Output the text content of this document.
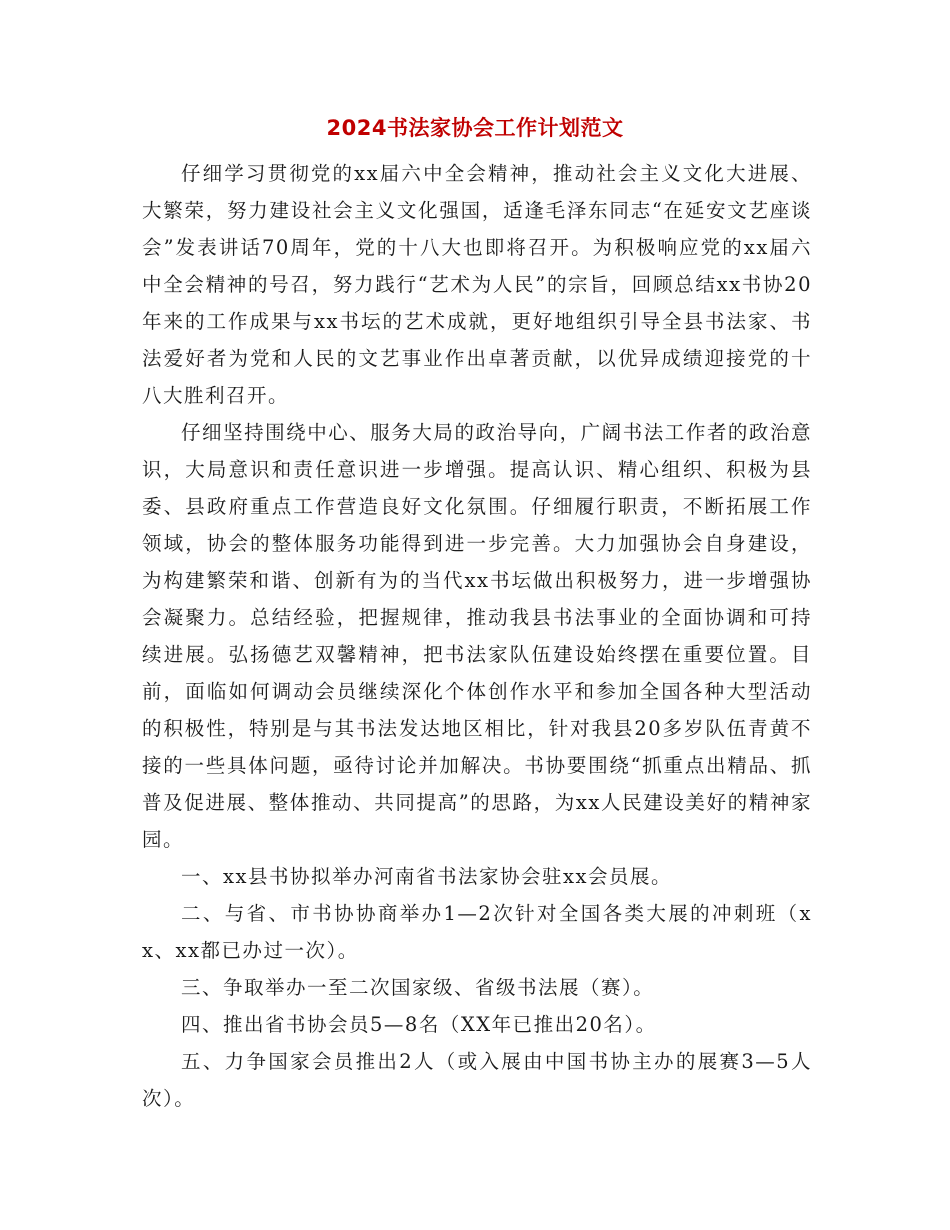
2024书法家协会工作计划范文

仔细学习贯彻党的xx届六中全会精神，推动社会主义文化大进展、大繁荣，努力建设社会主义文化强国，适逢毛泽东同志“在延安文艺座谈会”发表讲话70周年，党的十八大也即将召开。为积极响应党的xx届六中全会精神的号召，努力践行“艺术为人民”的宗旨，回顾总结xx书协20年来的工作成果与xx书坛的艺术成就，更好地组织引导全县书法家、书法爱好者为党和人民的文艺事业作出卓著贡献，以优异成绩迎接党的十八大胜利召开。

仔细坚持围绕中心、服务大局的政治导向，广阔书法工作者的政治意识，大局意识和责任意识进一步增强。提高认识、精心组织、积极为县委、县政府重点工作营造良好文化氛围。仔细履行职责，不断拓展工作领域，协会的整体服务功能得到进一步完善。大力加强协会自身建设，为构建繁荣和谐、创新有为的当代xx书坛做出积极努力，进一步增强协会凝聚力。总结经验，把握规律，推动我县书法事业的全面协调和可持续进展。弘扬德艺双馨精神，把书法家队伍建设始终摆在重要位置。目前，面临如何调动会员继续深化个体创作水平和参加全国各种大型活动的积极性，特别是与其书法发达地区相比，针对我县20多岁队伍青黄不接的一些具体问题，亟待讨论并加解决。书协要围绕“抓重点出精品、抓普及促进展、整体推动、共同提高”的思路，为xx人民建设美好的精神家园。

一、xx县书协拟举办河南省书法家协会驻xx会员展。

二、与省、市书协协商举办1—2次针对全国各类大展的冲刺班（xx、xx都已办过一次）。

三、争取举办一至二次国家级、省级书法展（赛）。

四、推出省书协会员5—8名（XX年已推出20名）。

五、力争国家会员推出2人（或入展由中国书协主办的展赛3—5人次）。
